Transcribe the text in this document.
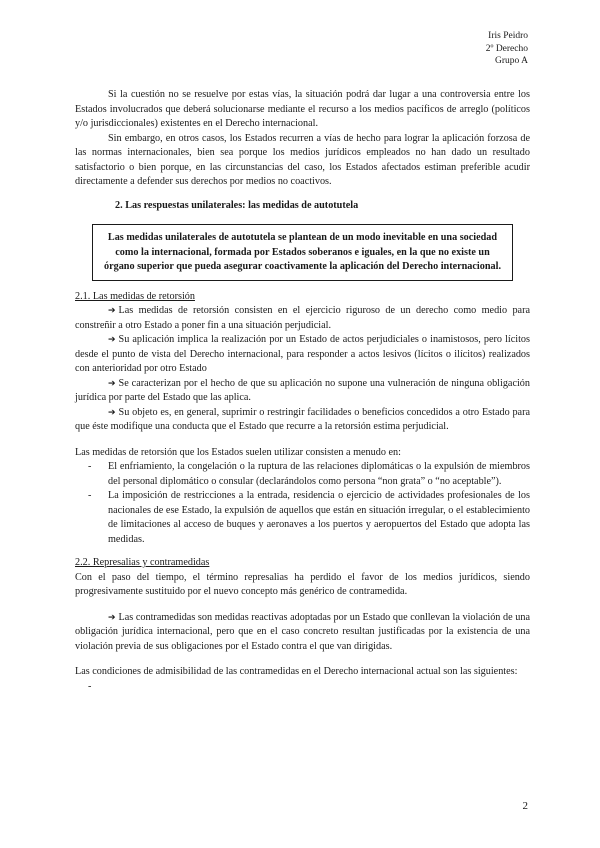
Iris Peidro
2º Derecho
Grupo A

Si la cuestión no se resuelve por estas vías, la situación podrá dar lugar a una controversia entre los Estados involucrados que deberá solucionarse mediante el recurso a los medios pacíficos de arreglo (políticos y/o jurisdiccionales) existentes en el Derecho internacional.

Sin embargo, en otros casos, los Estados recurren a vías de hecho para lograr la aplicación forzosa de las normas internacionales, bien sea porque los medios jurídicos empleados no han dado un resultado satisfactorio o bien porque, en las circunstancias del caso, los Estados afectados estiman preferible acudir directamente a defender sus derechos por medios no coactivos.

2. Las respuestas unilaterales: las medidas de autotutela

Las medidas unilaterales de autotutela se plantean de un modo inevitable en una sociedad como la internacional, formada por Estados soberanos e iguales, en la que no existe un órgano superior que pueda asegurar coactivamente la aplicación del Derecho internacional.

2.1. Las medidas de retorsión

➔ Las medidas de retorsión consisten en el ejercicio riguroso de un derecho como medio para constreñir a otro Estado a poner fin a una situación perjudicial.

➔ Su aplicación implica la realización por un Estado de actos perjudiciales o inamistosos, pero lícitos desde el punto de vista del Derecho internacional, para responder a actos lesivos (lícitos o ilícitos) realizados con anterioridad por otro Estado

➔ Se caracterizan por el hecho de que su aplicación no supone una vulneración de ninguna obligación jurídica por parte del Estado que las aplica.

➔ Su objeto es, en general, suprimir o restringir facilidades o beneficios concedidos a otro Estado para que éste modifique una conducta que el Estado que recurre a la retorsión estima perjudicial.

Las medidas de retorsión que los Estados suelen utilizar consisten a menudo en:

- El enfriamiento, la congelación o la ruptura de las relaciones diplomáticas o la expulsión de miembros del personal diplomático o consular (declarándolos como persona “non grata” o “no aceptable”).
- La imposición de restricciones a la entrada, residencia o ejercicio de actividades profesionales de los nacionales de ese Estado, la expulsión de aquellos que están en situación irregular, o el establecimiento de limitaciones al acceso de buques y aeronaves a los puertos y aeropuertos del Estado que adopta las medidas.

2.2. Represalias y contramedidas

Con el paso del tiempo, el término represalias ha perdido el favor de los medios jurídicos, siendo progresivamente sustituido por el nuevo concepto más genérico de contramedida.

➔ Las contramedidas son medidas reactivas adoptadas por un Estado que conllevan la violación de una obligación jurídica internacional, pero que en el caso concreto resultan justificadas por la existencia de una violación previa de sus obligaciones por el Estado contra el que van dirigidas.

Las condiciones de admisibilidad de las contramedidas en el Derecho internacional actual son las siguientes:

-

2
